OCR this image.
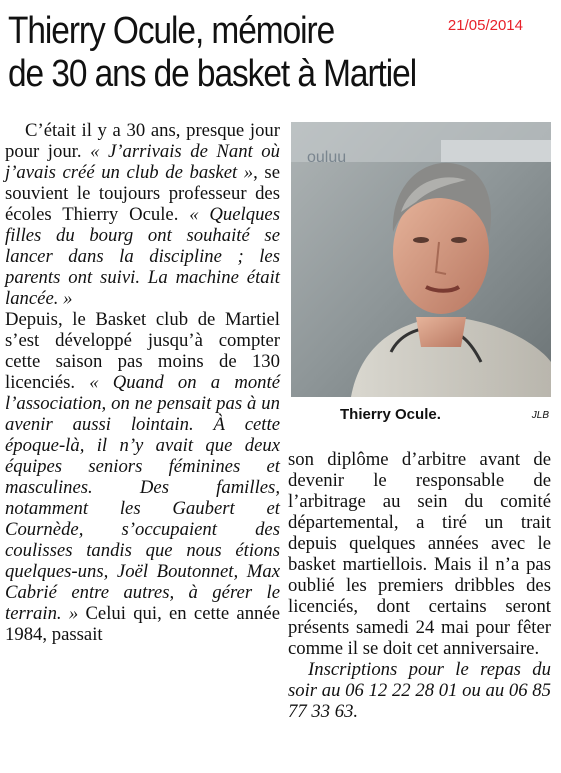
Thierry Ocule, mémoire
de 30 ans de basket à Martiel
21/05/2014

C’était il y a 30 ans, presque jour pour jour. « J’arrivais de Nant où j’avais créé un club de basket », se souvient le toujours professeur des écoles Thierry Ocule. « Quelques filles du bourg ont souhaité se lancer dans la discipline ; les parents ont suivi. La machine était lancée. »

Depuis, le Basket club de Martiel s’est développé jusqu’à compter cette saison pas moins de 130 licenciés. « Quand on a monté l’association, on ne pensait pas à un avenir aussi lointain. À cette époque-là, il n’y avait que deux équipes seniors féminines et masculines. Des familles, notamment les Gaubert et Cournède, s’occupaient des coulisses tandis que nous étions quelques-uns, Joël Boutonnet, Max Cabrié entre autres, à gérer le terrain. » Celui qui, en cette année 1984, passait

ouluu
Thierry Ocule.	JLB

son diplôme d’arbitre avant de devenir le responsable de l’arbitrage au sein du comité départemental, a tiré un trait depuis quelques années avec le basket martiellois. Mais il n’a pas oublié les premiers dribbles des licenciés, dont certains seront présents samedi 24 mai pour fêter comme il se doit cet anniversaire.

Inscriptions pour le repas du soir au 06 12 22 28 01 ou au 06 85 77 33 63.
